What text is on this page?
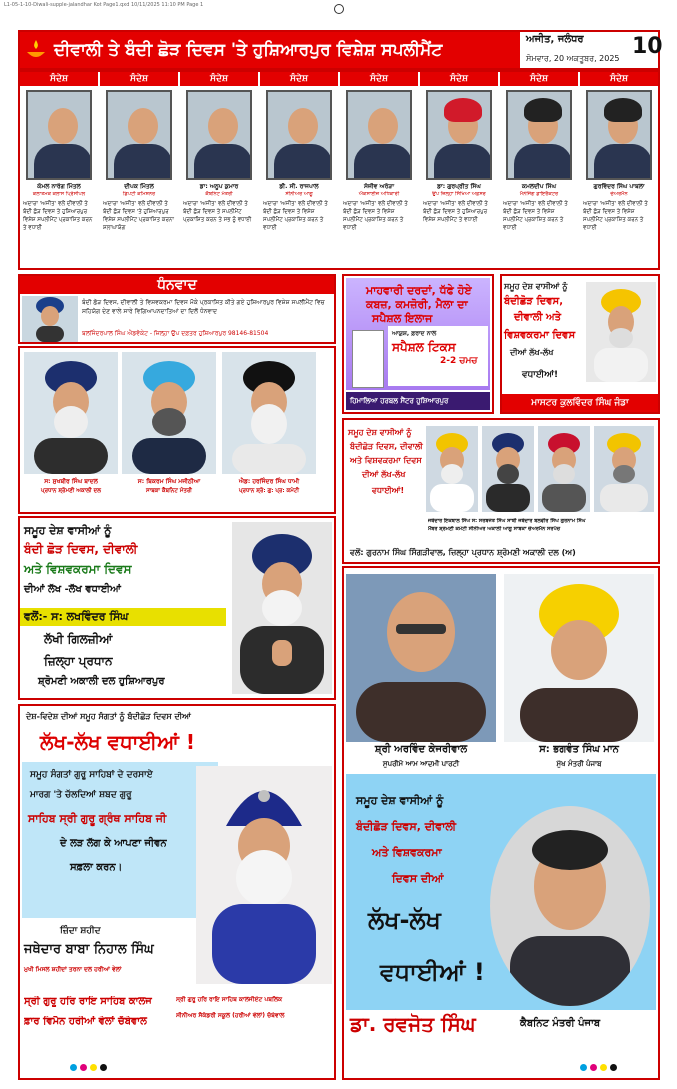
L1-05-1-10-Diwali-supple-jalandhar Kot Page1.qxd 10/11/2025 11:10 PM Page 1
ਦੀਵਾਲੀ ਤੇ ਬੰਦੀ ਛੋੜ ਦਿਵਸ 'ਤੇ ਹੁਸ਼ਿਆਰਪੁਰ ਵਿਸ਼ੇਸ਼ ਸਪਲੀਮੈਂਟ
ਅਜੀਤ, ਜਲੰਧਰ
ਸੋਮਵਾਰ, 20 ਅਕਤੂਬਰ, 2025 10
ਸੰਦੇਸ਼
ਕੋਮਲ ਨਾਰੰਗ ਮਿੱਤਲ
ਕਲਾਤਮਕ ਕਲਾਸ ਪ੍ਰਿੰਸੀਪਲ
ਅਦਾਰਾ 'ਅਜੀਤ' ਵਲੋਂ ਦੀਵਾਲੀ ਤੇ ਬੰਦੀ ਛੋੜ ਦਿਵਸ ਤੇ ਹੁਸ਼ਿਆਰਪੁਰ ਵਿਸ਼ੇਸ਼ ਸਪਲੀਮੈਂਟ ਪ੍ਰਕਾਸ਼ਿਤ ਕਰਨ ਤੇ ਵਧਾਈ
ਸੰਦੇਸ਼
ਦੀਪਕ ਮਿੱਤਲ
ਡਿਪਟੀ ਕਮਿਸ਼ਨਰ
ਅਦਾਰਾ 'ਅਜੀਤ' ਵਲੋਂ ਦੀਵਾਲੀ ਤੇ ਬੰਦੀ ਛੋੜ ਦਿਵਸ 'ਤੇ ਹੁਸ਼ਿਆਰਪੁਰ ਵਿਸ਼ੇਸ਼ ਸਪਲੀਮੈਂਟ ਪ੍ਰਕਾਸ਼ਿਤ ਕਰਨਾ ਸ਼ਲਾਘਾਯੋਗ
ਸੰਦੇਸ਼
ਡਾ: ਅਨੂਪ ਕੁਮਾਰ
ਕੈਬਨਿਟ ਮੰਤਰੀ
ਅਦਾਰਾ 'ਅਜੀਤ' ਵਲੋਂ ਦੀਵਾਲੀ ਤੇ ਬੰਦੀ ਛੋੜ ਦਿਵਸ ਤੇ ਸਪਲੀਮੈਂਟ ਪ੍ਰਕਾਸ਼ਿਤ ਕਰਨ ਤੇ ਸਭ ਨੂੰ ਵਧਾਈ
ਸੰਦੇਸ਼
ਡੀ. ਸੀ. ਰਾਜਪਾਲ
ਸੀਨੀਅਰ ਆਗੂ
ਅਦਾਰਾ 'ਅਜੀਤ' ਵਲੋਂ ਦੀਵਾਲੀ ਤੇ ਬੰਦੀ ਛੋੜ ਦਿਵਸ ਤੇ ਵਿਸ਼ੇਸ਼ ਸਪਲੀਮੈਂਟ ਪ੍ਰਕਾਸ਼ਿਤ ਕਰਨ ਤੇ ਵਧਾਈ
ਸੰਦੇਸ਼
ਸੰਜੀਵ ਅਰੋੜਾ
ਐਕਸਾਈਜ਼ ਅਧਿਕਾਰੀ
ਅਦਾਰਾ 'ਅਜੀਤ' ਵਲੋਂ ਦੀਵਾਲੀ ਤੇ ਬੰਦੀ ਛੋੜ ਦਿਵਸ ਤੇ ਵਿਸ਼ੇਸ਼ ਸਪਲੀਮੈਂਟ ਪ੍ਰਕਾਸ਼ਿਤ ਕਰਨ ਤੇ ਵਧਾਈ
ਸੰਦੇਸ਼
ਡਾ: ਗੁਰਪ੍ਰੀਤ ਸਿੰਘ
ਉਪ ਜ਼ਿਲ੍ਹਾ ਸਿੱਖਿਆ ਅਫ਼ਸਰ
ਅਦਾਰਾ 'ਅਜੀਤ' ਵਲੋਂ ਦੀਵਾਲੀ ਤੇ ਬੰਦੀ ਛੋੜ ਦਿਵਸ ਤੇ ਹੁਸ਼ਿਆਰਪੁਰ ਵਿਸ਼ੇਸ਼ ਸਪਲੀਮੈਂਟ ਤੇ ਵਧਾਈ
ਸੰਦੇਸ਼
ਕਮਲਦੀਪ ਸਿੰਘ
ਮੈਨੇਜਿੰਗ ਡਾਇਰੈਕਟਰ
ਅਦਾਰਾ 'ਅਜੀਤ' ਵਲੋਂ ਦੀਵਾਲੀ ਤੇ ਬੰਦੀ ਛੋੜ ਦਿਵਸ ਤੇ ਵਿਸ਼ੇਸ਼ ਸਪਲੀਮੈਂਟ ਪ੍ਰਕਾਸ਼ਿਤ ਕਰਨ ਤੇ ਵਧਾਈ
ਸੰਦੇਸ਼
ਗੁਰਵਿੰਦਰ ਸਿੰਘ ਪਾਬਲਾ
ਚੇਅਰਮੈਨ
ਅਦਾਰਾ 'ਅਜੀਤ' ਵਲੋਂ ਦੀਵਾਲੀ ਤੇ ਬੰਦੀ ਛੋੜ ਦਿਵਸ ਤੇ ਵਿਸ਼ੇਸ਼ ਸਪਲੀਮੈਂਟ ਪ੍ਰਕਾਸ਼ਿਤ ਕਰਨ ਤੇ ਵਧਾਈ
ਧੰਨਵਾਦ
ਬੰਦੀ ਛੋੜ ਦਿਵਸ, ਦੀਵਾਲੀ ਤੇ ਵਿਸ਼ਵਕਰਮਾ ਦਿਵਸ ਮੌਕੇ ਪ੍ਰਕਾਸ਼ਿਤ ਕੀਤੇ ਗਏ ਹੁਸ਼ਿਆਰਪੁਰ ਵਿਸ਼ੇਸ਼ ਸਪਲੀਮੈਂਟ ਵਿਚ ਸਹਿਯੋਗ ਦੇਣ ਵਾਲੇ ਸਾਰੇ ਵਿਗਿਆਪਨਦਾਤਿਆਂ ਦਾ ਦਿਲੋਂ ਧੰਨਵਾਦ
ਬਲਜਿੰਦਰਪਾਲ ਸਿੰਘ ਐਡਵੋਕੇਟ - ਜ਼ਿਲ੍ਹਾ ਉਪ ਦਫ਼ਤਰ ਹੁਸ਼ਿਆਰਪੁਰ 98146-81504
ਮਾਹਵਾਰੀ ਦਰਦਾਂ, ਧੱਫੇ ਹੋਏ
ਕਬਜ਼, ਕਮਜ਼ੋਰੀ, ਮੈਲਾ ਦਾ
ਸਪੈਸ਼ਲ ਇਲਾਜ
ਆਯੁਸ਼, ਫ਼ਰਾਦ ਨਾਲ
ਸਪੈਸ਼ਲ ਟਿਕਸ
2-2 ਚਮਚ
ਹਿਮਾਲਿਆ ਹਰਬਲ ਸੈਂਟਰ ਹੁਸ਼ਿਆਰਪੁਰ
ਸਮੂਹ ਦੇਸ਼ ਵਾਸੀਆਂ ਨੂੰ
ਬੰਦੀਛੋੜ ਦਿਵਸ,
ਦੀਵਾਲੀ ਅਤੇ
ਵਿਸ਼ਵਕਰਮਾ ਦਿਵਸ
ਦੀਆਂ ਲੱਖ-ਲੱਖ
ਵਧਾਈਆਂ!
ਮਾਸਟਰ ਕੁਲਵਿੰਦਰ ਸਿੰਘ ਜੰਡਾ
ਸ: ਸੁਖਬੀਰ ਸਿੰਘ ਬਾਦਲ
ਪ੍ਰਧਾਨ ਸ਼੍ਰੋਮਣੀ ਅਕਾਲੀ ਦਲ
ਸ: ਬਿਕਰਮ ਸਿੰਘ ਮਜੀਠੀਆ
ਸਾਬਕਾ ਕੈਬਨਿਟ ਮੰਤਰੀ
ਐਡ: ਹਰਜਿੰਦਰ ਸਿੰਘ ਧਾਮੀ
ਪ੍ਰਧਾਨ ਸ਼੍ਰੋ: ਗੁ: ਪ੍ਰ: ਕਮੇਟੀ
ਸਮੂਹ ਦੇਸ਼ ਵਾਸੀਆਂ ਨੂੰ
ਬੰਦੀਛੋੜ ਦਿਵਸ, ਦੀਵਾਲੀ
ਅਤੇ ਵਿਸ਼ਵਕਰਮਾ ਦਿਵਸ
ਦੀਆਂ ਲੱਖ-ਲੱਖ
ਵਧਾਈਆਂ!
ਜਥੇਦਾਰ ਇਕਬਾਲ ਸਿੰਘ ਸ: ਸਰਬਜੋਤ ਸਿੰਘ ਸਾਬੀ ਜਥੇਦਾਰ ਬਲਵੀਰ ਸਿੰਘ ਗੁਰਨਾਮ ਸਿੰਘ
ਮੈਂਬਰ ਸ਼੍ਰੋਮਣੀ ਕਮੇਟੀ ਸੀਨੀਅਰ ਅਕਾਲੀ ਆਗੂ ਸਾਬਕਾ ਚੇਅਰਮੈਨ ਸਰਪੰਚ
ਵਲੋਂ: ਗੁਰਨਾਮ ਸਿੰਘ ਸਿੰਗੜੀਵਾਲ, ਜ਼ਿਲ੍ਹਾ ਪ੍ਰਧਾਨ ਸ਼੍ਰੋਮਣੀ ਅਕਾਲੀ ਦਲ (ਅ)
ਸਮੂਹ ਦੇਸ਼ ਵਾਸੀਆਂ ਨੂੰ
ਬੰਦੀ ਛੋੜ ਦਿਵਸ, ਦੀਵਾਲੀ
ਅਤੇ ਵਿਸ਼ਵਕਰਮਾ ਦਿਵਸ
ਦੀਆਂ ਲੱਖ -ਲੱਖ ਵਧਾਈਆਂ
ਵਲੋਂ:- ਸ: ਲਖਵਿੰਦਰ ਸਿੰਘ
ਲੱਖੀ ਗਿਲਜ਼ੀਆਂ
ਜ਼ਿਲ੍ਹਾ ਪ੍ਰਧਾਨ
ਸ਼੍ਰੋਮਣੀ ਅਕਾਲੀ ਦਲ ਹੁਸ਼ਿਆਰਪੁਰ
ਸ਼੍ਰੀ ਅਰਵਿੰਦ ਕੇਜਰੀਵਾਲ
ਸੁਪਰੀਮੋ ਆਮ ਆਦਮੀ ਪਾਰਟੀ
ਸ: ਭਗਵੰਤ ਸਿੰਘ ਮਾਨ
ਮੁੱਖ ਮੰਤਰੀ ਪੰਜਾਬ
ਸਮੂਹ ਦੇਸ਼ ਵਾਸੀਆਂ ਨੂੰ
ਬੰਦੀਛੋੜ ਦਿਵਸ, ਦੀਵਾਲੀ
ਅਤੇ ਵਿਸ਼ਵਕਰਮਾ
ਦਿਵਸ ਦੀਆਂ
ਲੱਖ-ਲੱਖ
ਵਧਾਈਆਂ !
ਡਾ. ਰਵਜੋਤ ਸਿੰਘ	ਕੈਬਨਿਟ ਮੰਤਰੀ ਪੰਜਾਬ
ਦੇਸ਼-ਵਿਦੇਸ਼ ਦੀਆਂ ਸਮੂਹ ਸੰਗਤਾਂ ਨੂੰ ਬੰਦੀਛੋੜ ਦਿਵਸ ਦੀਆਂ
ਲੱਖ-ਲੱਖ ਵਧਾਈਆਂ !
ਸਮੂਹ ਸੰਗਤਾਂ ਗੁਰੂ ਸਾਹਿਬਾਂ ਦੇ ਦਰਸਾਏ
ਮਾਰਗ 'ਤੇ ਚੱਲਦਿਆਂ ਸ਼ਬਦ ਗੁਰੂ
ਸਾਹਿਬ ਸ੍ਰੀ ਗੁਰੂ ਗ੍ਰੰਥ ਸਾਹਿਬ ਜੀ
ਦੇ ਲੜ ਲੱਗ ਕੇ ਆਪਣਾ ਜੀਵਨ
ਸਫ਼ਲਾ ਕਰਨ।
ਜ਼ਿੰਦਾ ਸ਼ਹੀਦ
ਜਥੇਦਾਰ ਬਾਬਾ ਨਿਹਾਲ ਸਿੰਘ
ਮੁਖੀ ਮਿਸਲ ਸ਼ਹੀਦਾਂ ਤਰਨਾ ਦਲ ਹਰੀਆਂ ਵੇਲਾਂ
ਸ੍ਰੀ ਗੁਰੂ ਹਰਿ ਰਾਇ ਸਾਹਿਬ ਕਾਲਜ
ਫ਼ਾਰ ਵਿਮੈਨ ਹਰੀਆਂ ਵੇਲਾਂ ਚੱਬੇਵਾਲ
ਸ੍ਰੀ ਗੁਰੂ ਹਰਿ ਰਾਇ ਸਾਹਿਬ ਕਾਲਜੀਏਟ ਪਬਲਿਕ
ਸੀਨੀਅਰ ਸੈਕੰਡਰੀ ਸਕੂਲ (ਹਰੀਆਂ ਵੇਲਾਂ) ਚੱਬੇਵਾਲ
